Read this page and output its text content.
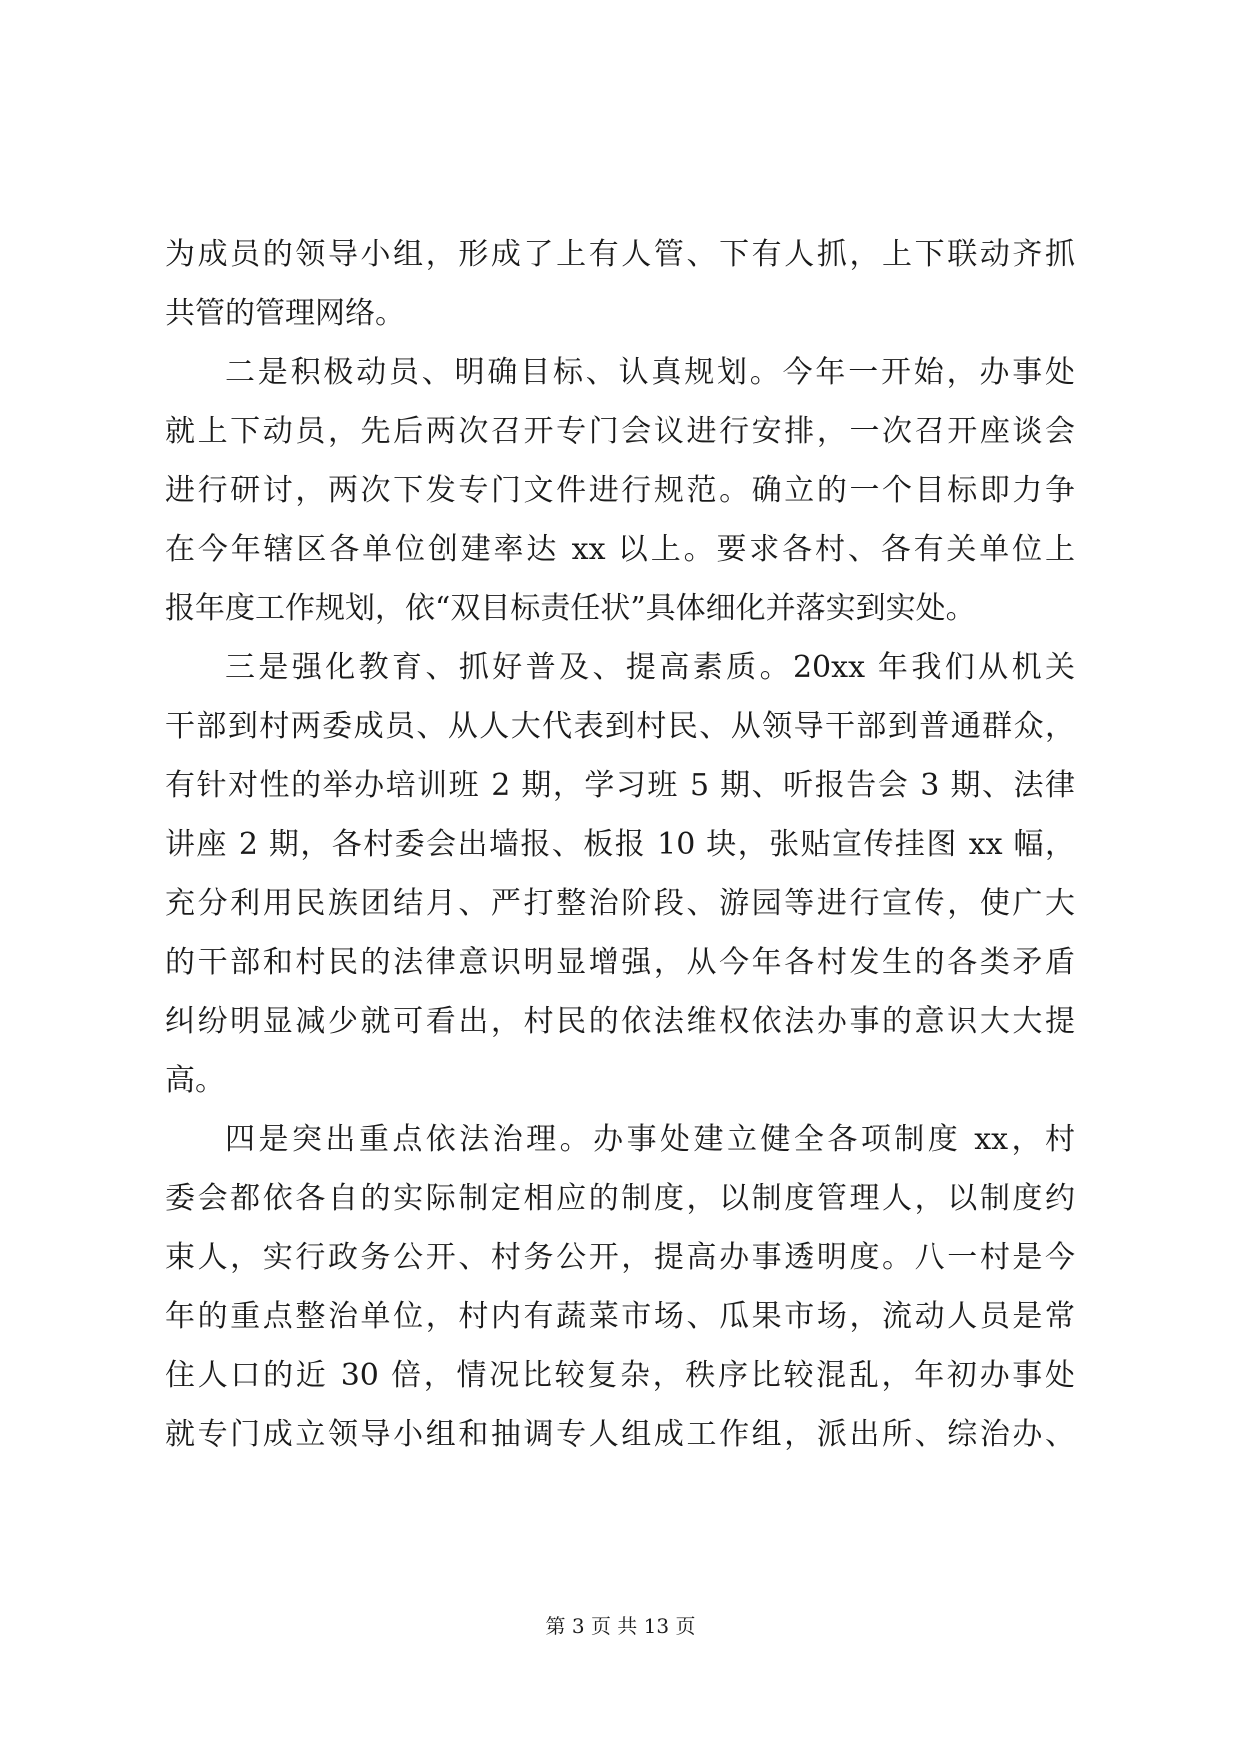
为成员的领导小组，形成了上有人管、下有人抓，上下联动齐抓
共管的管理网络。
二是积极动员、明确目标、认真规划。今年一开始，办事处
就上下动员，先后两次召开专门会议进行安排，一次召开座谈会
进行研讨，两次下发专门文件进行规范。确立的一个目标即力争
在今年辖区各单位创建率达 xx 以上。要求各村、各有关单位上
报年度工作规划，依“双目标责任状”具体细化并落实到实处。
三是强化教育、抓好普及、提高素质。20xx 年我们从机关
干部到村两委成员、从人大代表到村民、从领导干部到普通群众，
有针对性的举办培训班 2 期，学习班 5 期、听报告会 3 期、法律
讲座 2 期，各村委会出墙报、板报 10 块，张贴宣传挂图 xx 幅，
充分利用民族团结月、严打整治阶段、游园等进行宣传，使广大
的干部和村民的法律意识明显增强，从今年各村发生的各类矛盾
纠纷明显减少就可看出，村民的依法维权依法办事的意识大大提
高。
四是突出重点依法治理。办事处建立健全各项制度 xx，村
委会都依各自的实际制定相应的制度，以制度管理人，以制度约
束人，实行政务公开、村务公开，提高办事透明度。八一村是今
年的重点整治单位，村内有蔬菜市场、瓜果市场，流动人员是常
住人口的近 30 倍，情况比较复杂，秩序比较混乱，年初办事处
就专门成立领导小组和抽调专人组成工作组，派出所、综治办、
第 3 页 共 13 页
